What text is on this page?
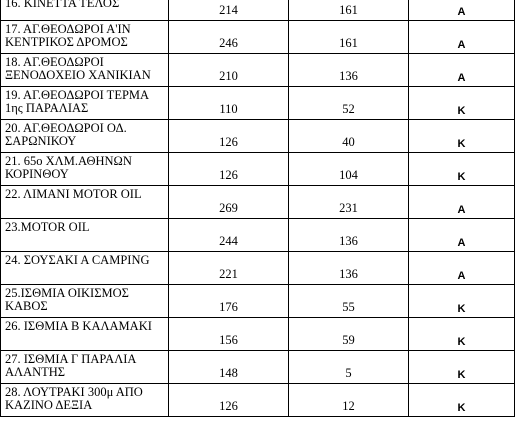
16. ΚΙΝΕΤΤΑ ΤΕΛΟΣ	214	161	Α

17. ΑΓ.ΘΕΟΔΩΡΟΙ Α'ΙΝ
ΚΕΝΤΡΙΚΟΣ ΔΡΟΜΟΣ	246	161	Α

18. ΑΓ.ΘΕΟΔΩΡΟΙ
ΞΕΝΟΔΟΧΕΙΟ ΧΑΝΙΚΙΑΝ	210	136	Α

19. ΑΓ.ΘΕΟΔΩΡΟΙ ΤΕΡΜΑ
1ης ΠΑΡΑΛΙΑΣ	110	52	Κ

20. ΑΓ.ΘΕΟΔΩΡΟΙ ΟΔ.
ΣΑΡΩΝΙΚΟΥ	126	40	Κ

21. 65ο ΧΛΜ.ΑΘΗΝΩΝ
ΚΟΡΙΝΘΟΥ	126	104	Κ

22. ΛΙΜΑΝΙ MOTOR OIL	269	231	Α

23.MOTOR OIL	244	136	Α

24. ΣΟΥΣΑΚΙ Α CAMPING	221	136	Α

25.ΙΣΘΜΙΑ ΟΙΚΙΣΜΟΣ
ΚΑΒΟΣ	176	55	Κ

26. ΙΣΘΜΙΑ Β ΚΑΛΑΜΑΚΙ	156	59	Κ

27. ΙΣΘΜΙΑ Γ ΠΑΡΑΛΙΑ
ΑΛΑΝΤΗΣ	148	5	Κ

28. ΛΟΥΤΡΑΚΙ 300μ ΑΠΟ
ΚΑΖΙΝΟ ΔΕΞΙΑ	126	12	Κ
